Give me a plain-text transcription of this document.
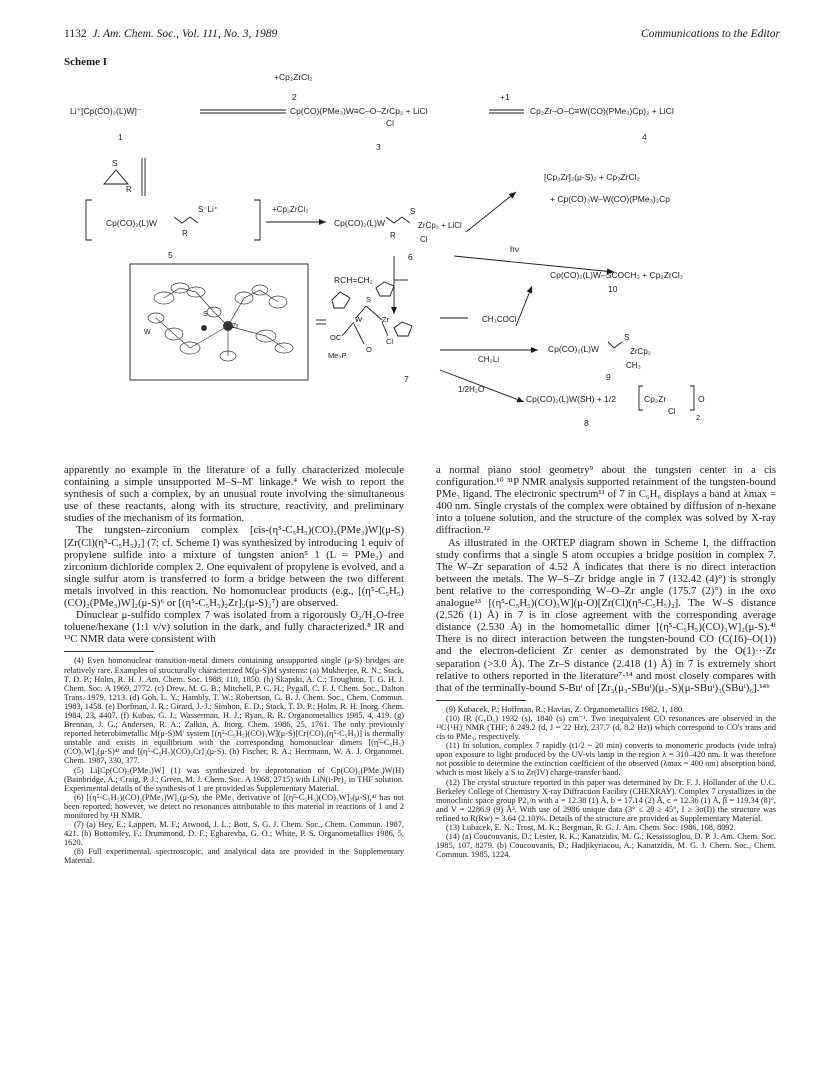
1132 J. Am. Chem. Soc., Vol. 111, No. 3, 1989	Communications to the Editor
Scheme I
+Cp₂ZrCl₂
2
Li⁺[Cp(CO)₂(L)W]⁻
1
Cp(CO)(PMe₃)W≡C–O–ZrCp₂ + LiCl
Cl
3
+1
Cp₂Zr–O–C≡W(CO)(PMe₃)Cp)₂ + LiCl
4
S
R
Cp(CO)₂(L)W
S⁻Li⁺
R
5
+Cp₂ZrCl₂
Cp(CO)₂(L)W
S
ZrCp₂ + LiCl
R	Cl
6
[Cp₂Zr]₂(μ-S)₂ + Cp₂ZrCl₂
+ Cp(CO)₃W–W(CO)(PMe₃)₂Cp
hν
Cp(CO)₂(L)W–SCOCH₃ + Cp₂ZrCl₂
10
CH₃COCl
CH₃Li
RCH=CH₂
W
S
Zr
OC
Me₃P
O
Cl
7
Cp(CO)₂(L)W
S
ZrCp₂
CH₃
9
1/2H₂O
Cp(CO)₂(L)W(SH) + 1/2	Cp₂Zr	O
Cl
2
8
S
W
Zr

apparently no example in the literature of a fully characterized molecule containing a simple unsupported M–S–M′ linkage.⁴ We wish to report the synthesis of such a complex, by an unusual route involving the simultaneous use of these reactants, along with its structure, reactivity, and preliminary studies of the mechanism of its formation.

The tungsten–zirconium complex [cis-(η⁵-C₅H₅)(CO)₂(PMe₃)W](μ-S)[Zr(Cl)(η⁵-C₅H₅)₂] (7; cf. Scheme I) was synthesized by introducing 1 equiv of propylene sulfide into a mixture of tungsten anion⁵ 1 (L = PMe₃) and zirconium dichloride complex 2. One equivalent of propylene is evolved, and a single sulfur atom is transferred to form a bridge between the two different metals involved in this reaction. No homonuclear products (e.g., [(η⁵-C₅H₅)(CO)₂(PMe₃)W]₂(μ-S)⁶ or [(η⁵-C₅H₅)₂Zr]₂(μ-S)₂⁷) are observed.

Dinuclear μ-sulfido complex 7 was isolated from a rigorously O₂/H₂O-free toluene/hexane (1:1 v/v) solution in the dark, and fully characterized.⁸ IR and ¹³C NMR data were consistent with

(4) Even homonuclear transition-metal dimers containing unsupported single (μ-S) bridges are relatively rare. Examples of structurally characterized M(μ-S)M systems: (a) Mukherjee, R. N.; Stack, T. D. P.; Holm, R. H. J. Am. Chem. Soc. 1988, 110, 1850. (b) Skapski, A. C.; Troughton, T. G. H. J. Chem. Soc. A 1969, 2772. (c) Drew, M. G. B.; Mitchell, P. C. H.; Pygall, C. F. J. Chem. Soc., Dalton Trans. 1979, 1213. (d) Goh, L. Y.; Hambly, T. W.; Robertson, G. B. J. Chem. Soc., Chem. Commun. 1983, 1458. (e) Dorfman, J. R.; Girard, J.-J.; Simhon, E. D.; Stack, T. D. P.; Holm, R. H. Inorg. Chem. 1984, 23, 4407. (f) Kubas, G. J.; Wasserman, H. J.; Ryan, R. R. Organometallics 1985, 4, 419. (g) Brennan, J. G.; Andersen, R. A.; Zalkin, A. Inorg. Chem. 1986, 25, 1761. The only previously reported heterobimetallic M(μ-S)M′ system [(η⁵-C₅H₅)(CO)₃W](μ-S)[Cr(CO)₃(η⁵-C₅H₅)] is thermally unstable and exists in equilibrium with the corresponding homonuclear dimers [(η⁵-C₅H₅)(CO)₃W]₂(μ-S)⁴ᶠ and [(η⁵-C₅H₅)(CO)₃Cr]₂(μ-S). (h) Fischer, R. A.; Herrmann, W. A. J. Organomet. Chem. 1987, 330, 377.

(5) Li[Cp(CO)₂(PMe₃)W] (1) was synthesized by deprotonation of Cp(CO)₂(PMe₃)W(H) (Bainbridge, A.; Craig, P. J.; Green, M. J. Chem. Soc. A 1968, 2715) with LiN(i-Pr)₂ in THF solution. Experimental details of the synthesis of 1 are provided as Supplementary Material.

(6) [(η⁵-C₅H₅)(CO)₂(PMe₃)W]₂(μ-S), the PMe₃ derivative of [(η⁵-C₅H₅)(CO)₃W]₂(μ-S),⁴ᶠ has not been reported; however, we detect no resonances attributable to this material in reactions of 1 and 2 monitored by ¹H NMR.

(7) (a) Hey, E.; Lappert, M. F.; Atwood, J. L.; Bott, S. G. J. Chem. Soc., Chem. Commun. 1987, 421. (b) Bottomley, F.; Drummond, D. F.; Egharevba, G. O.; White, P. S. Organometallics 1986, 5, 1620.

(8) Full experimental, spectroscopic, and analytical data are provided in the Supplementary Material.

a normal piano stool geometry⁹ about the tungsten center in a cis configuration.¹⁰ ³¹P NMR analysis supported retainment of the tungsten-bound PMe₃ ligand. The electronic spectrum¹¹ of 7 in C₆H₆ displays a band at λmax = 400 nm. Single crystals of the complex were obtained by diffusion of n-hexane into a toluene solution, and the structure of the complex was solved by X-ray diffraction.¹²

As illustrated in the ORTEP diagram shown in Scheme I, the diffraction study confirms that a single S atom occupies a bridge position in complex 7. The W–Zr separation of 4.52 Å indicates that there is no direct interaction between the metals. The W–S–Zr bridge angle in 7 (132.42 (4)°) is strongly bent relative to the corresponding W–O–Zr angle (175.7 (2)°) in the oxo analogue¹³ [(η⁵-C₅H₅)(CO)₃W](μ-O)[Zr(Cl)(η⁵-C₅H₅)₂]. The W–S distance (2.526 (1) Å) in 7 is in close agreement with the corresponding average distance (2.530 Å) in the homometallic dimer [(η⁵-C₅H₅)(CO)₃W]₂(μ-S).⁴ᶠ There is no direct interaction between the tungsten-bound CO (C(16)–O(1)) and the electron-deficient Zr center as demonstrated by the O(1)···Zr separation (>3.0 Å). The Zr–S distance (2.418 (1) Å) in 7 is extremely short relative to others reported in the literature⁷·¹⁴ and most closely compares with that of the terminally-bound S-Buᵗ of [Zr₃(μ₃-SBuᵗ)(μ₃-S)(μ-SBuᵗ)₃(SBuᵗ)₆].¹⁴ᵇ

(9) Kubacek, P.; Hoffman, R.; Havias, Z. Organometallics 1982, 1, 180.

(10) IR (C₆D₆) 1932 (s), 1840 (s) cm⁻¹. Two inequivalent CO resonances are observed in the ¹³C{¹H} NMR (THF; δ 249.2 (d, J = 22 Hz), 237.7 (d, 8.2 Hz)) which correspond to CO's trans and cis to PMe₃, respectively.

(11) In solution, complex 7 rapidly (t1/2 ~ 20 min) converts to monomeric products (vide infra) upon exposure to light produced by the UV-vis lamp in the region λ = 310–420 nm. It was therefore not possible to determine the extinction coefficient of the observed (λmax = 400 nm) absorption band, which is most likely a S to Zr(IV) charge-transfer band.

(12) The crystal structure reported in this paper was determined by Dr. F. J. Hollander of the U.C. Berkeley College of Chemistry X-ray Diffraction Facility (CHEXRAY). Complex 7 crystallizes in the monoclinic space group P2₁/n with a = 12.38 (1) Å, b = 17.14 (2) Å, c = 12.36 (1) Å, β = 119.34 (8)°, and V = 2286.9 (9) Å³. With use of 2986 unique data (3° ≤ 2θ ≥ 45°, I ≥ 3σ(I)) the structure was refined to R(Rw) = 3.64 (2.10)%. Details of the structure are provided as Supplementary Material.

(13) Lubacek, E. N.; Trost, M. K.; Bergman, R. G. J. Am. Chem. Soc. 1986, 108, 8092.

(14) (a) Coucouvanis, D.; Lester, R. K.; Kanatzidis, M. G.; Kessissoglou, D. P. J. Am. Chem. Soc. 1985, 107, 8279. (b) Coucouvanis, D.; Hadjikyriacou, A.; Kanatzidis, M. G. J. Chem. Soc., Chem. Commun. 1985, 1224.
